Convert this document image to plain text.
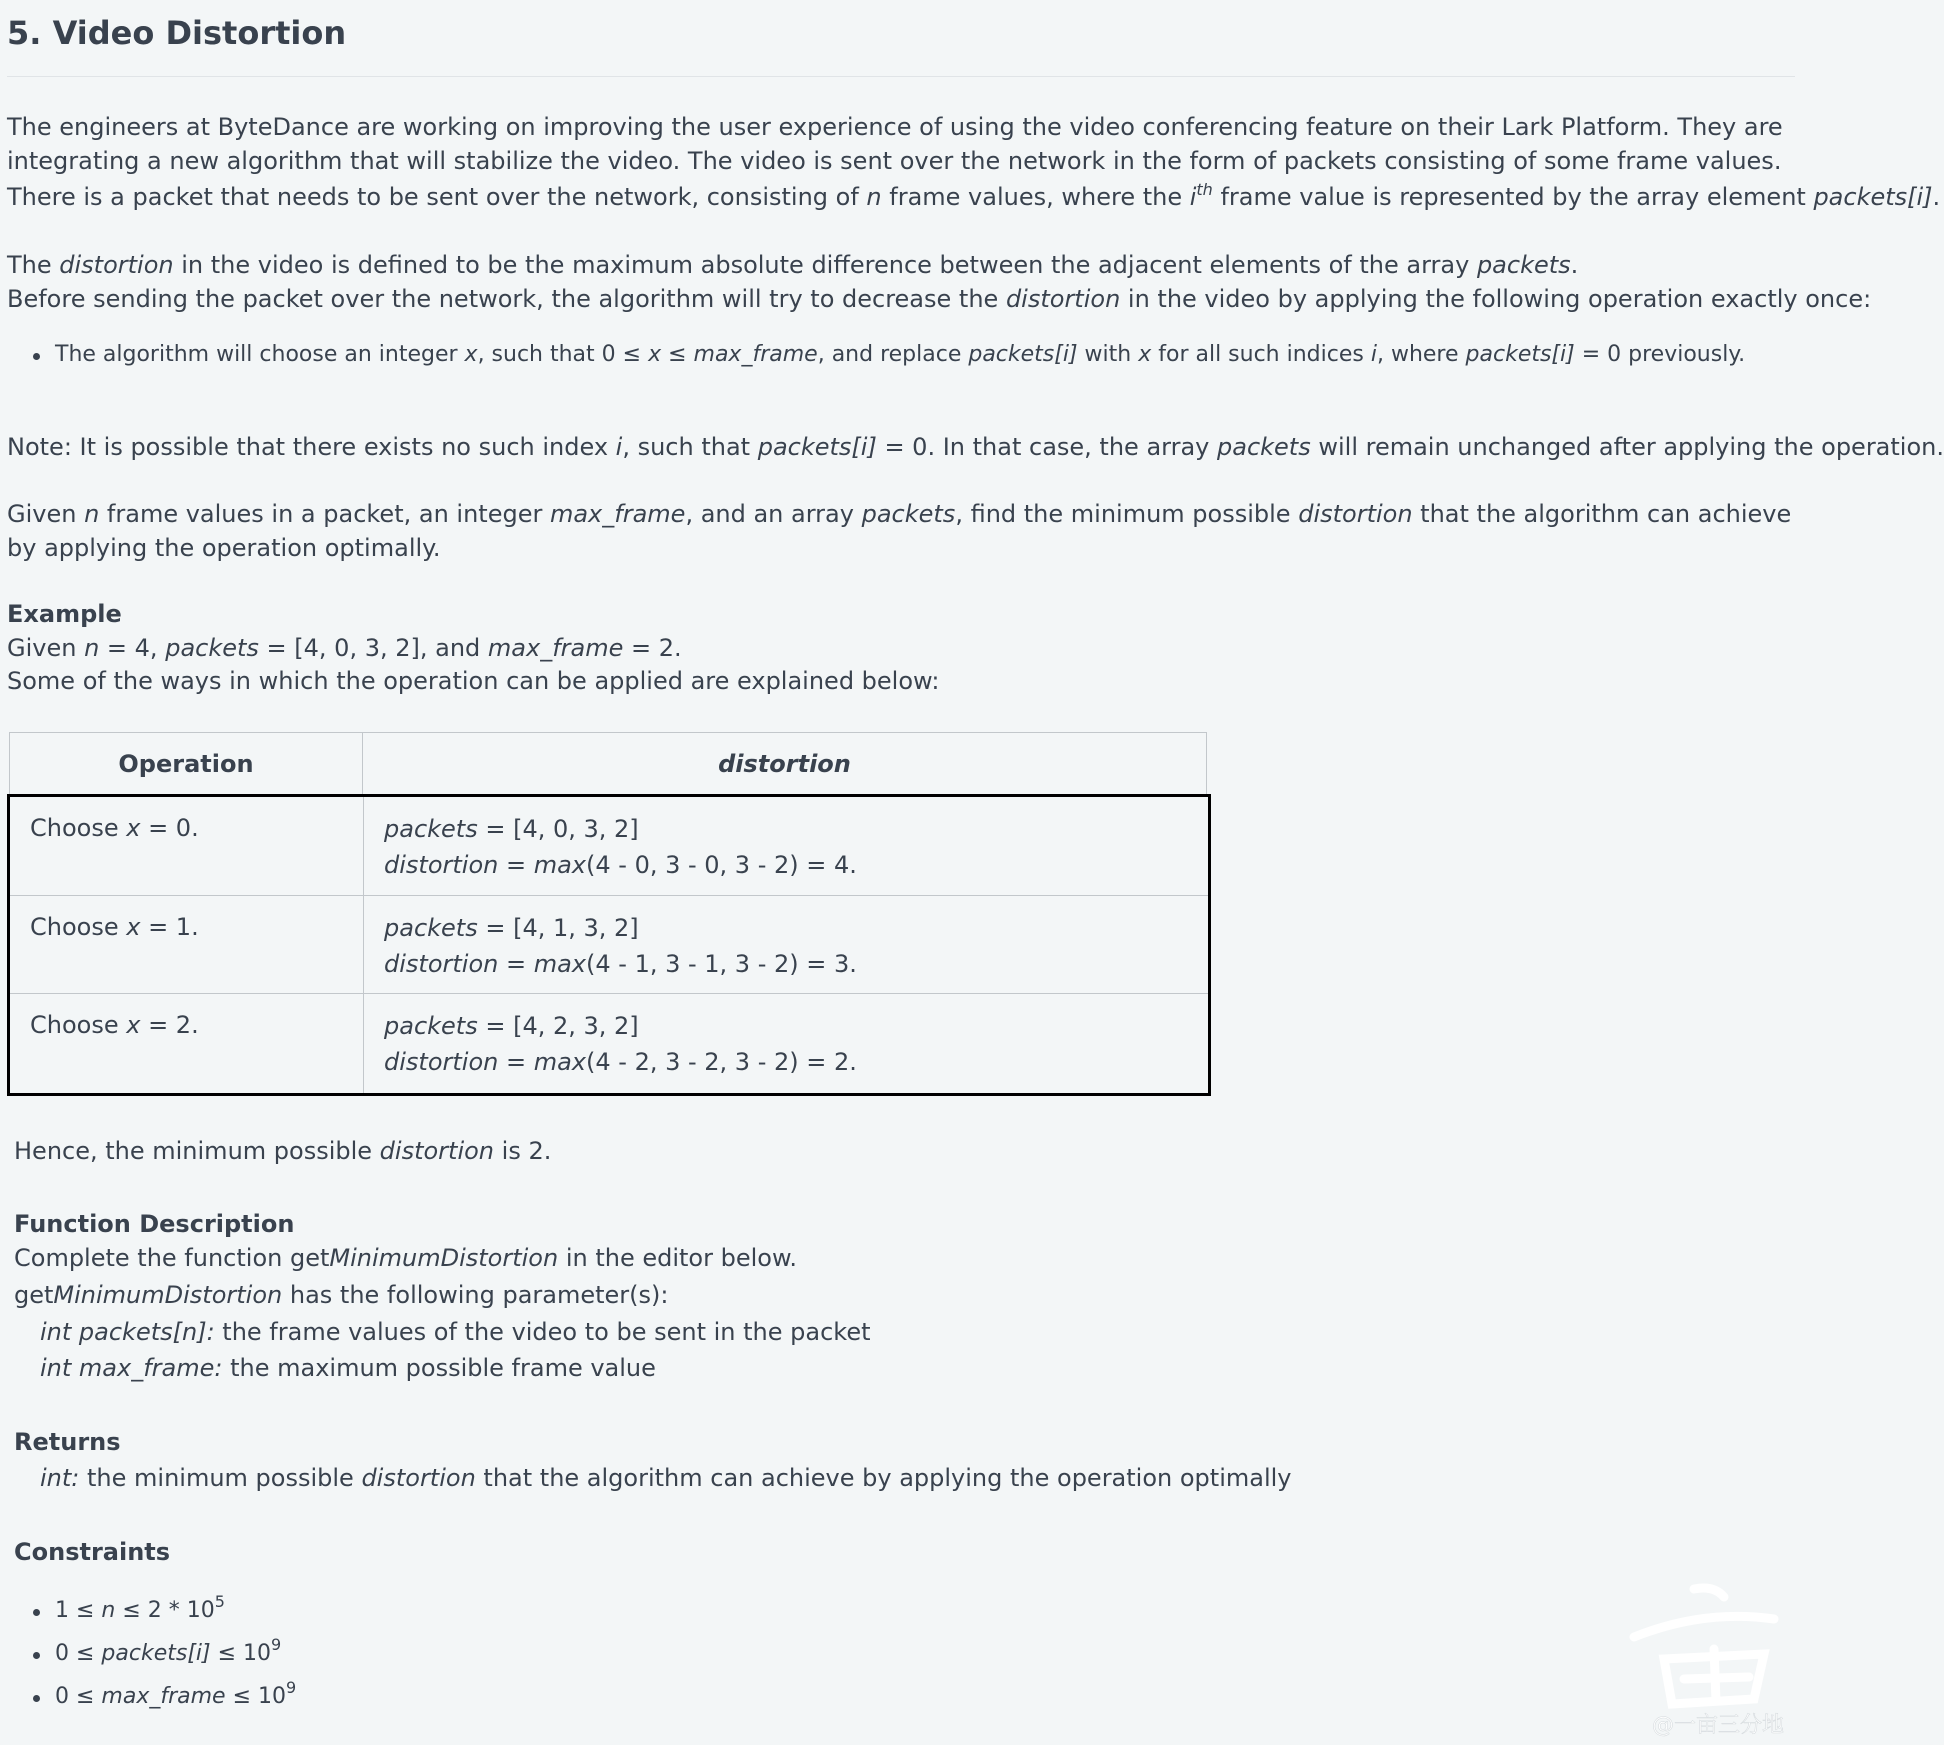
5. Video Distortion
The engineers at ByteDance are working on improving the user experience of using the video conferencing feature on their Lark Platform. They are integrating a new algorithm that will stabilize the video. The video is sent over the network in the form of packets consisting of some frame values.
There is a packet that needs to be sent over the network, consisting of n frame values, where the $i^{th}$ frame value is represented by the array element packets[i].
The distortion in the video is defined to be the maximum absolute difference between the adjacent elements of the array packets.
Before sending the packet over the network, the algorithm will try to decrease the distortion in the video by applying the following operation exactly once:
The algorithm will choose an integer x, such that 0 ≤ x ≤ max_frame, and replace packets[i] with x for all such indices i, where packets[i] = 0 previously.
Note: It is possible that there exists no such index i, such that packets[i] = 0. In that case, the array packets will remain unchanged after applying the operation.
Given n frame values in a packet, an integer max_frame, and an array packets, find the minimum possible distortion that the algorithm can achieve by applying the operation optimally.
Example
Given n = 4, packets = [4, 0, 3, 2], and max_frame = 2.
Some of the ways in which the operation can be applied are explained below:
Operation	distortion
Choose x = 0.	packets = [4, 0, 3, 2]
distortion = max(4 - 0, 3 - 0, 3 - 2) = 4.
Choose x = 1.	packets = [4, 1, 3, 2]
distortion = max(4 - 1, 3 - 1, 3 - 2) = 3.
Choose x = 2.	packets = [4, 2, 3, 2]
distortion = max(4 - 2, 3 - 2, 3 - 2) = 2.
Hence, the minimum possible distortion is 2.
Function Description
Complete the function getMinimumDistortion in the editor below.
getMinimumDistortion has the following parameter(s):
int packets[n]: the frame values of the video to be sent in the packet
int max_frame: the maximum possible frame value
Returns
int: the minimum possible distortion that the algorithm can achieve by applying the operation optimally
Constraints
$1 \le n \le 2 * 10^5$
0 ≤ packets[i] ≤ $10^9$
0 ≤ max_frame ≤ $10^9$
@一亩三分地
